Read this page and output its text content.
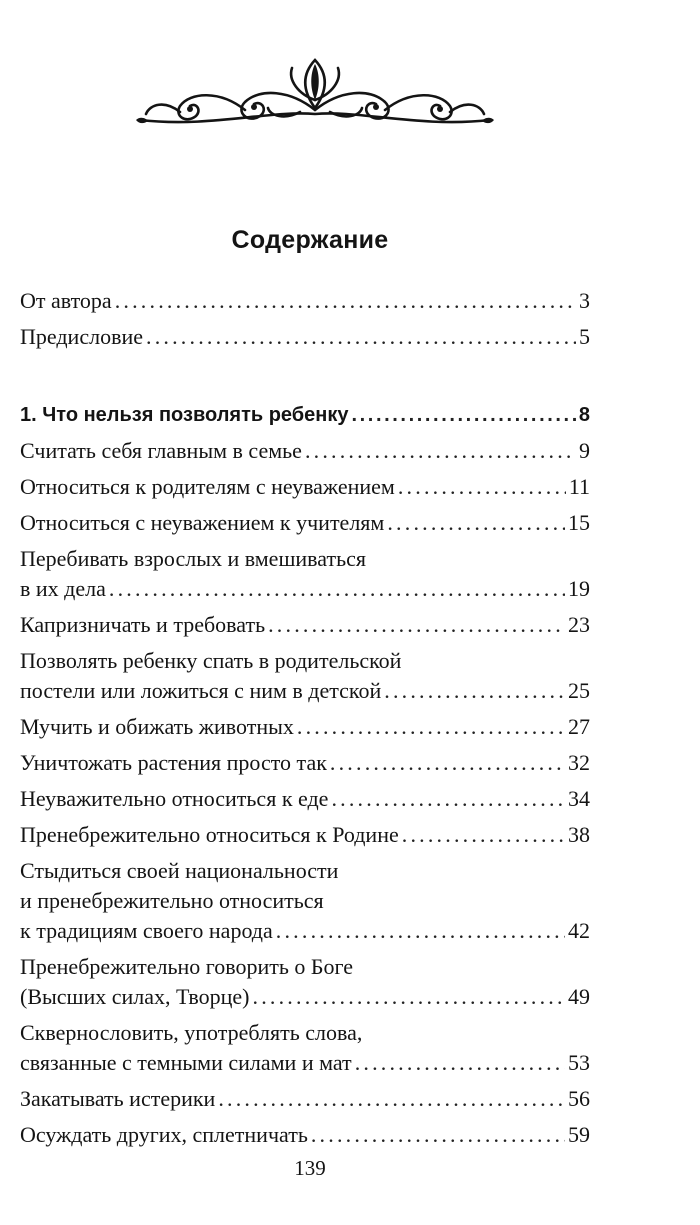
Содержание
От автора .....	3
Предисловие .....	5
1. Что нельзя позволять ребенку .....	8
Считать себя главным в семье .....	9
Относиться к родителям с неуважением .....	11
Относиться с неуважением к учителям .....	15
Перебивать взрослых и вмешиваться
в их дела .....	19
Капризничать и требовать .....	23
Позволять ребенку спать в родительской
постели или ложиться с ним в детской .....	25
Мучить и обижать животных .....	27
Уничтожать растения просто так .....	32
Неуважительно относиться к еде .....	34
Пренебрежительно относиться к Родине .....	38
Стыдиться своей национальности
и пренебрежительно относиться
к традициям своего народа .....	42
Пренебрежительно говорить о Боге
(Высших силах, Творце) .....	49
Сквернословить, употреблять слова,
связанные с темными силами и мат .....	53
Закатывать истерики .....	56
Осуждать других, сплетничать .....	59
139
